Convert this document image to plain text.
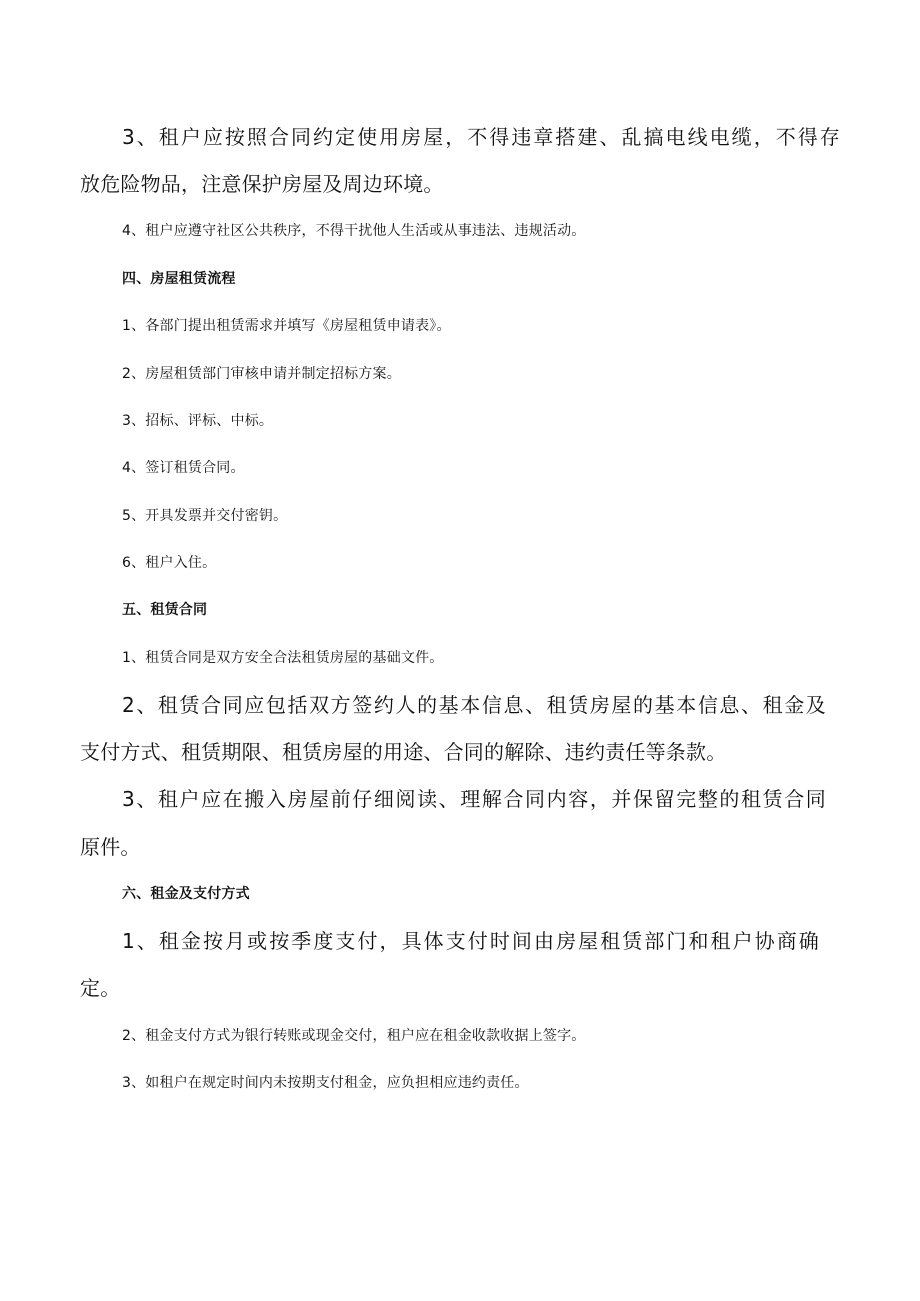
3、租户应按照合同约定使用房屋，不得违章搭建、乱搞电线电缆，不得存
放危险物品，注意保护房屋及周边环境。
4、租户应遵守社区公共秩序，不得干扰他人生活或从事违法、违规活动。
四、房屋租赁流程
1、各部门提出租赁需求并填写《房屋租赁申请表》。
2、房屋租赁部门审核申请并制定招标方案。
3、招标、评标、中标。
4、签订租赁合同。
5、开具发票并交付密钥。
6、租户入住。
五、租赁合同
1、租赁合同是双方安全合法租赁房屋的基础文件。
2、租赁合同应包括双方签约人的基本信息、租赁房屋的基本信息、租金及
支付方式、租赁期限、租赁房屋的用途、合同的解除、违约责任等条款。
3、租户应在搬入房屋前仔细阅读、理解合同内容，并保留完整的租赁合同
原件。
六、租金及支付方式
1、租金按月或按季度支付，具体支付时间由房屋租赁部门和租户协商确
定。
2、租金支付方式为银行转账或现金交付，租户应在租金收款收据上签字。
3、如租户在规定时间内未按期支付租金，应负担相应违约责任。
